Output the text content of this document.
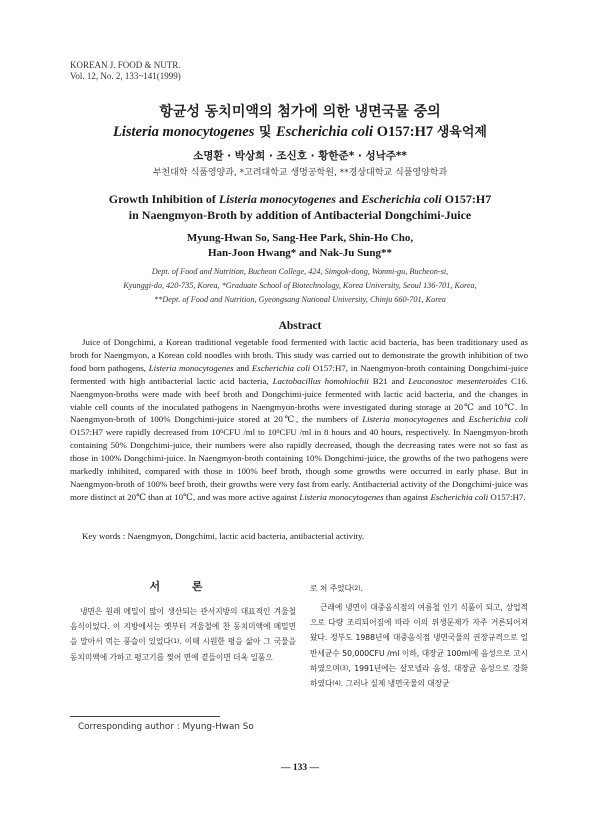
KOREAN J. FOOD & NUTR.
Vol. 12, No. 2, 133~141(1999)
항균성 동치미액의 첨가에 의한 냉면국물 중의
Listeria monocytogenes 및 Escherichia coli O157:H7 생육억제
소명환 · 박상희 · 조신호 · 황한준* · 성낙주**
부천대학 식품영양과, *고려대학교 생명공학원, **경상대학교 식품영양학과
Growth Inhibition of Listeria monocytogenes and Escherichia coli O157:H7
in Naengmyon-Broth by addition of Antibacterial Dongchimi-Juice
Myung-Hwan So, Sang-Hee Park, Shin-Ho Cho,
Han-Joon Hwang* and Nak-Ju Sung**
Dept. of Food and Nutrition, Bucheon College, 424, Simgok-dong, Wonmi-gu, Bucheon-si,
Kyunggi-do, 420-735, Korea, *Graduate School of Biotechnology, Korea University, Seoul 136-701, Korea,
**Dept. of Food and Nutrition, Gyeongsang National University, Chinju 660-701, Korea
Abstract

Juice of Dongchimi, a Korean traditional vegetable food fermented with lactic acid bacteria, has been traditionary used as broth for Naengmyon, a Korean cold noodles with broth. This study was carried out to demonstrate the growth inhibition of two food born pathogens, Listeria monocytogenes and Escherichia coli O157:H7, in Naengmyon-broth containing Dongchimi-juice fermented with high antibacterial lactic acid bacteria, Lactobacillus homohiochii B21 and Leuconostoc mesenteroides C16. Naengmyon-broths were made with beef broth and Dongchimi-juice fermented with lactic acid bacteria, and the changes in viable cell counts of the inoculated pathogens in Naengmyon-broths were investigated during storage at 20℃ and 10℃. In Naengmyon-broth of 100% Dongchimi-juice stored at 20℃, the numbers of Listeria monocytogenes and Escherichia coli O157:H7 were rapidly decreased from $10^6CFU$ /ml to $10^0CFU$ /ml in 8 hours and 40 hours, respectively. In Naengmyon-broth containing 50% Dongchimi-juice, their numbers were also rapidly decreased, though the decreasing rates were not so fast as those in 100% Dongchimi-juice. In Naengmyon-broth containing 10% Dongchimi-juice, the growths of the two pathogens were markedly inhibited, compared with those in 100% beef broth, though some growths were occurred in early phase. But in Naengmyon-broth of 100% beef broth, their growths were very fast from early. Antibacterial activity of the Dongchimi-juice was more distinct at 20℃ than at 10℃, and was more active against Listeria monocytogenes than against Escherichia coli O157:H7.

Key words : Naengmyon, Dongchimi, lactic acid bacteria, antibacterial activity.

서 론

냉면은 원래 메밀이 많이 생산되는 관서지방의 대표적인 겨울철 음식이었다. 이 지방에서는 옛부터 겨울철에 찬 동치미액에 메밀면을 말아서 먹는 풍습이 있었다$^{(1)}$. 이때 시원한 평을 삶아 그 국물을 동치미액에 가하고 평고기를 찢어 면에 곁들이면 더욱 일품으

로 쳐 주었다$^{(2)}$.

근래에 냉면이 대중음식점의 여름철 인기 식품이 되고, 상업적으로 다량 조리되어짐에 따라 이의 위생문제가 자주 거론되어져 왔다. 정부도 1988년에 대중음식점 냉면국물의 권장규격으로 일반세균수 50,000CFU /ml 이하, 대장균 100ml에 음성으로 고시하였으며$^{(3)}$, 1991년에는 살모넬라 음성, 대장균 음성으로 강화하였다$^{(4)}$. 그러나 실제 냉면국물의 대장균

Corresponding author : Myung-Hwan So
— 133 —
